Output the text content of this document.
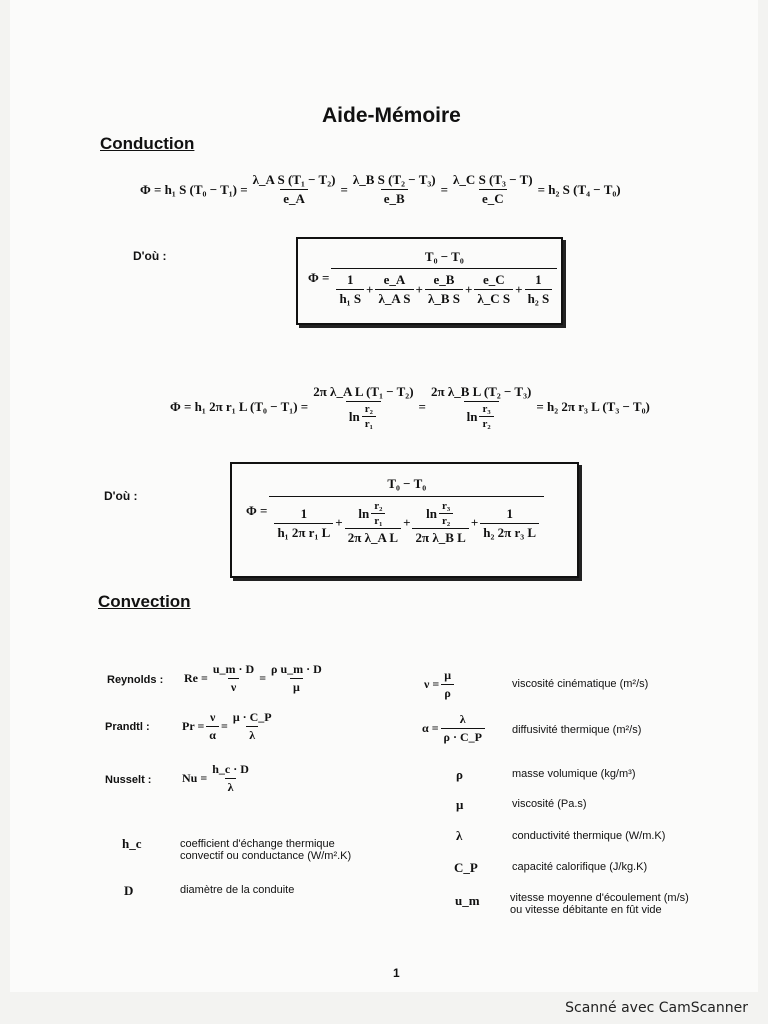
Aide-Mémoire
Conduction
Φ = h₁ S $(T_0 - T_1) = \frac{\text{λ\_A S (T₁ − T₂)}}{e\_A} = \frac{\text{λ\_B S (T₂ − T₃)}}{e\_B} = \frac{\text{λ\_C S (T₃ − T)}}{e\_C} = h_2$ S (T₄ − T₀)
D'où :
Φ =
T₀ − T₀
$\frac{1}{\text{h₁ S}} + \frac{e\_A}{\text{λ\_A S}} + \frac{e\_B}{\text{λ\_B S}} + \frac{e\_C}{\text{λ\_C S}} + \frac{1}{\text{h₂ S}}$
Φ = h₁ 2π r₁ L $(T_0 - T_1) = \frac{\text{2π λ\_A L (T₁ − T₂)}}{\ln \frac{\text{r₂}}{\text{r₁}}} = \frac{\text{2π λ\_B L (T₂ − T₃)}}{\ln \frac{\text{r₃}}{\text{r₂}}} = h_2$ 2π r₃ L (T₃ − T₀)
D'où :
Φ =
T₀ − T₀
$\frac{1}{\text{h₁ 2π r₁ L}} + \frac{\ln \frac{\text{r₂}}{\text{r₁}}}{\text{2π λ\_A L}} + \frac{\ln \frac{\text{r₃}}{\text{r₂}}}{\text{2π λ\_B L}} + \frac{1}{\text{h₂ 2π r₃ L}}$
Convection
Reynolds : $Re = \frac{u\_m \cdot D}{\nu} = \frac{\text{ρ u\_m · D}}{\mu}$
Prandtl :	$Pr = \frac{\nu}{\alpha} = \frac{\mu \cdot C\_P}{\lambda}$
Nusselt :	$Nu = \frac{h\_c \cdot D}{\lambda}$
h_c	coefficient d'échange thermique
convectif ou conductance (W/m².K)
D	diamètre de la conduite
$\nu = \frac{\mu}{\rho}$	viscosité cinématique (m²/s)
$\alpha = \frac{\lambda}{\rho \cdot C\_P}$ diffusivité thermique (m²/s)
ρ	masse volumique (kg/m³)
μ	viscosité (Pa.s)
λ	conductivité thermique (W/m.K)
C_P	capacité calorifique (J/kg.K)
u_m	vitesse moyenne d'écoulement (m/s)
ou vitesse débitante en fût vide
1
Scanné avec CamScanner
